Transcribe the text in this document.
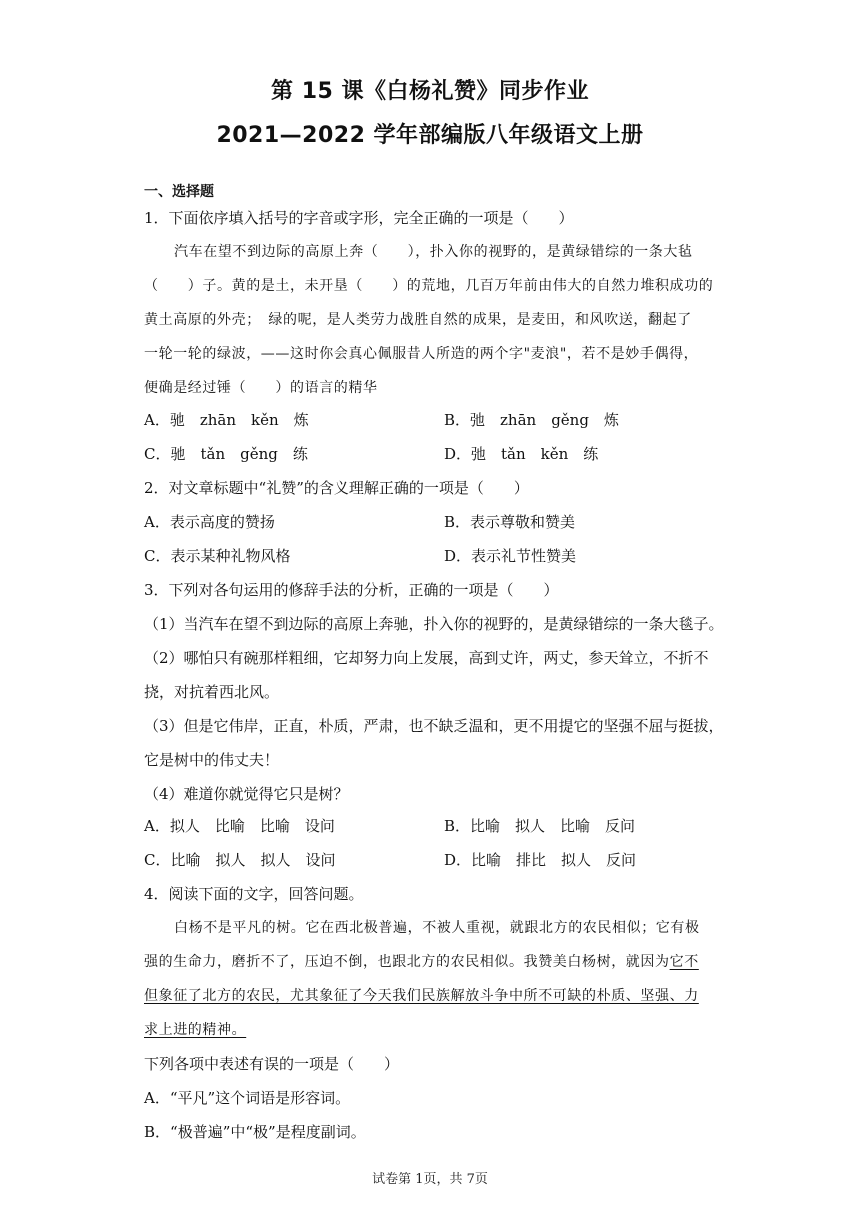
第 15 课《白杨礼赞》同步作业
2021—2022 学年部编版八年级语文上册
一、选择题
1．下面依序填入括号的字音或字形，完全正确的一项是（　　）
汽车在望不到边际的高原上奔（　　），扑入你的视野的，是黄绿错综的一条大毡
（　　）子。黄的是土，未开垦（　　）的荒地，几百万年前由伟大的自然力堆积成功的
黄土高原的外壳；　绿的呢，是人类劳力战胜自然的成果，是麦田，和风吹送，翻起了
一轮一轮的绿波，——这时你会真心佩服昔人所造的两个字"麦浪"，若不是妙手偶得，
便确是经过锤（　　）的语言的精华
A．驰　zhān　kěn　炼	B．弛　zhān　gěng　炼
C．驰　tǎn　gěng　练	D．弛　tǎn　kěn　练
2．对文章标题中“礼赞”的含义理解正确的一项是（　　）
A．表示高度的赞扬	B．表示尊敬和赞美
C．表示某种礼物风格	D．表示礼节性赞美
3．下列对各句运用的修辞手法的分析，正确的一项是（　　）
（1）当汽车在望不到边际的高原上奔驰，扑入你的视野的，是黄绿错综的一条大毯子。
（2）哪怕只有碗那样粗细，它却努力向上发展，高到丈许，两丈，参天耸立，不折不
挠，对抗着西北风。
（3）但是它伟岸，正直，朴质，严肃，也不缺乏温和，更不用提它的坚强不屈与挺拔，
它是树中的伟丈夫！
（4）难道你就觉得它只是树？
A．拟人　比喻　比喻　设问	B．比喻　拟人　比喻　反问
C．比喻　拟人　拟人　设问	D．比喻　排比　拟人　反问
4．阅读下面的文字，回答问题。
白杨不是平凡的树。它在西北极普遍，不被人重视，就跟北方的农民相似；它有极
强的生命力，磨折不了，压迫不倒，也跟北方的农民相似。我赞美白杨树，就因为它不
但象征了北方的农民，尤其象征了今天我们民族解放斗争中所不可缺的朴质、坚强、力
求上进的精神。
下列各项中表述有误的一项是（　　）
A．“平凡”这个词语是形容词。
B．“极普遍”中“极”是程度副词。
试卷第 1页，共 7页
